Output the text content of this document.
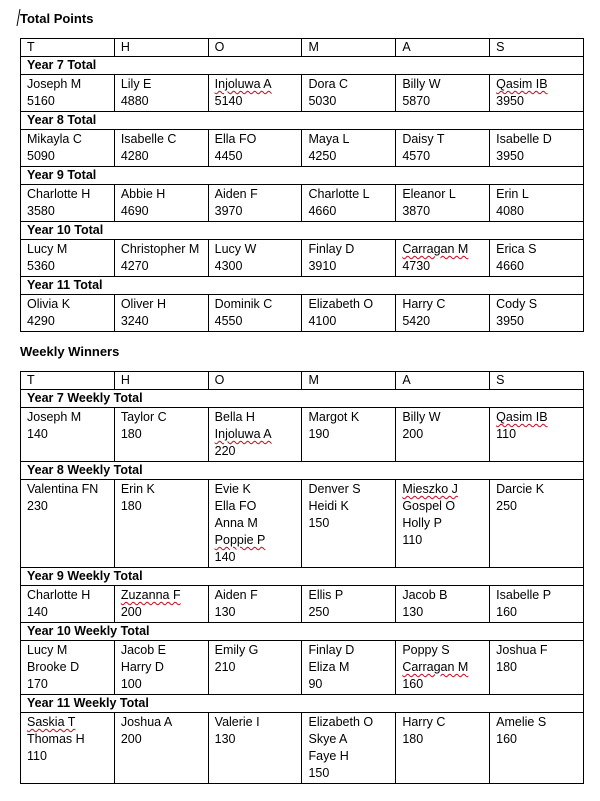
Total Points
T	H	O	M	A	S
Year 7 Total					

Joseph M
5160	Lily E
4880	Injoluwa A
5140	Dora C
5030	Billy W
5870	Qasim IB
3950

Year 8 Total					

Mikayla C
5090	Isabelle C
4280	Ella FO
4450	Maya L
4250	Daisy T
4570	Isabelle D
3950

Year 9 Total					

Charlotte H
3580	Abbie H
4690	Aiden F
3970	Charlotte L
4660	Eleanor L
3870	Erin L
4080

Year 10 Total					

Lucy M
5360	Christopher M
4270	Lucy W
4300	Finlay D
3910	Carragan M
4730	Erica S
4660

Year 11 Total					

Olivia K
4290	Oliver H
3240	Dominik C
4550	Elizabeth O
4100	Harry C
5420	Cody S
3950
Weekly Winners
T	H	O	M	A	S
Year 7 Weekly Total					

Joseph M
140	Taylor C
180	Bella H
Injoluwa A
220	Margot K
190	Billy W
200	Qasim IB
110

Year 8 Weekly Total					

Valentina FN
230	Erin K
180	Evie K
Ella FO
Anna M
Poppie P
140	Denver S
Heidi K
150	Mieszko J
Gospel O
Holly P
110	Darcie K
250

Year 9 Weekly Total					

Charlotte H
140	Zuzanna F
200	Aiden F
130	Ellis P
250	Jacob B
130	Isabelle P
160

Year 10 Weekly Total					

Lucy M
Brooke D
170	Jacob E
Harry D
100	Emily G
210	Finlay D
Eliza M
90	Poppy S
Carragan M
160	Joshua F
180

Year 11 Weekly Total					

Saskia T
Thomas H
110	Joshua A
200	Valerie I
130	Elizabeth O
Skye A
Faye H
150	Harry C
180	Amelie S
160
